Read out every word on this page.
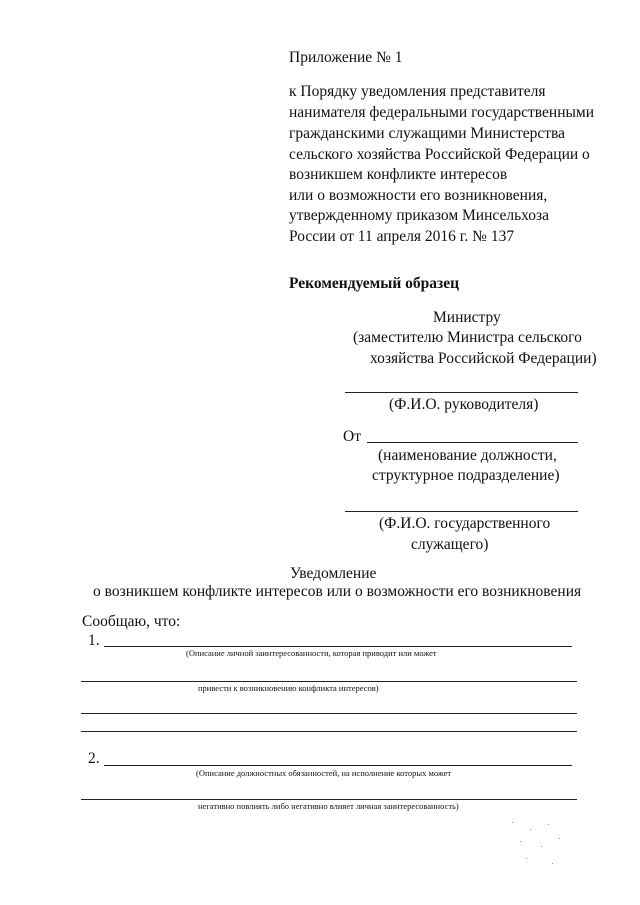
Приложение № 1
к Порядку уведомления представителя
нанимателя федеральными государственными
гражданскими служащими Министерства
сельского хозяйства Российской Федерации о
возникшем конфликте интересов
или о возможности его возникновения,
утвержденному приказом Минсельхоза
России от 11 апреля 2016 г. № 137
Рекомендуемый образец
Министру
(заместителю Министра сельского
хозяйства Российской Федерации)
(Ф.И.О. руководителя)
От
(наименование должности,
структурное подразделение)
(Ф.И.О. государственного
служащего)
Уведомление
о возникшем конфликте интересов или о возможности его возникновения
Сообщаю, что:
1.
(Описание личной заинтересованности, которая приводит или может
привести к возникновению конфликта интересов)
2.
(Описание должностных обязанностей, на исполнение которых может
негативно повлиять либо негативно влияет личная заинтересованность)
